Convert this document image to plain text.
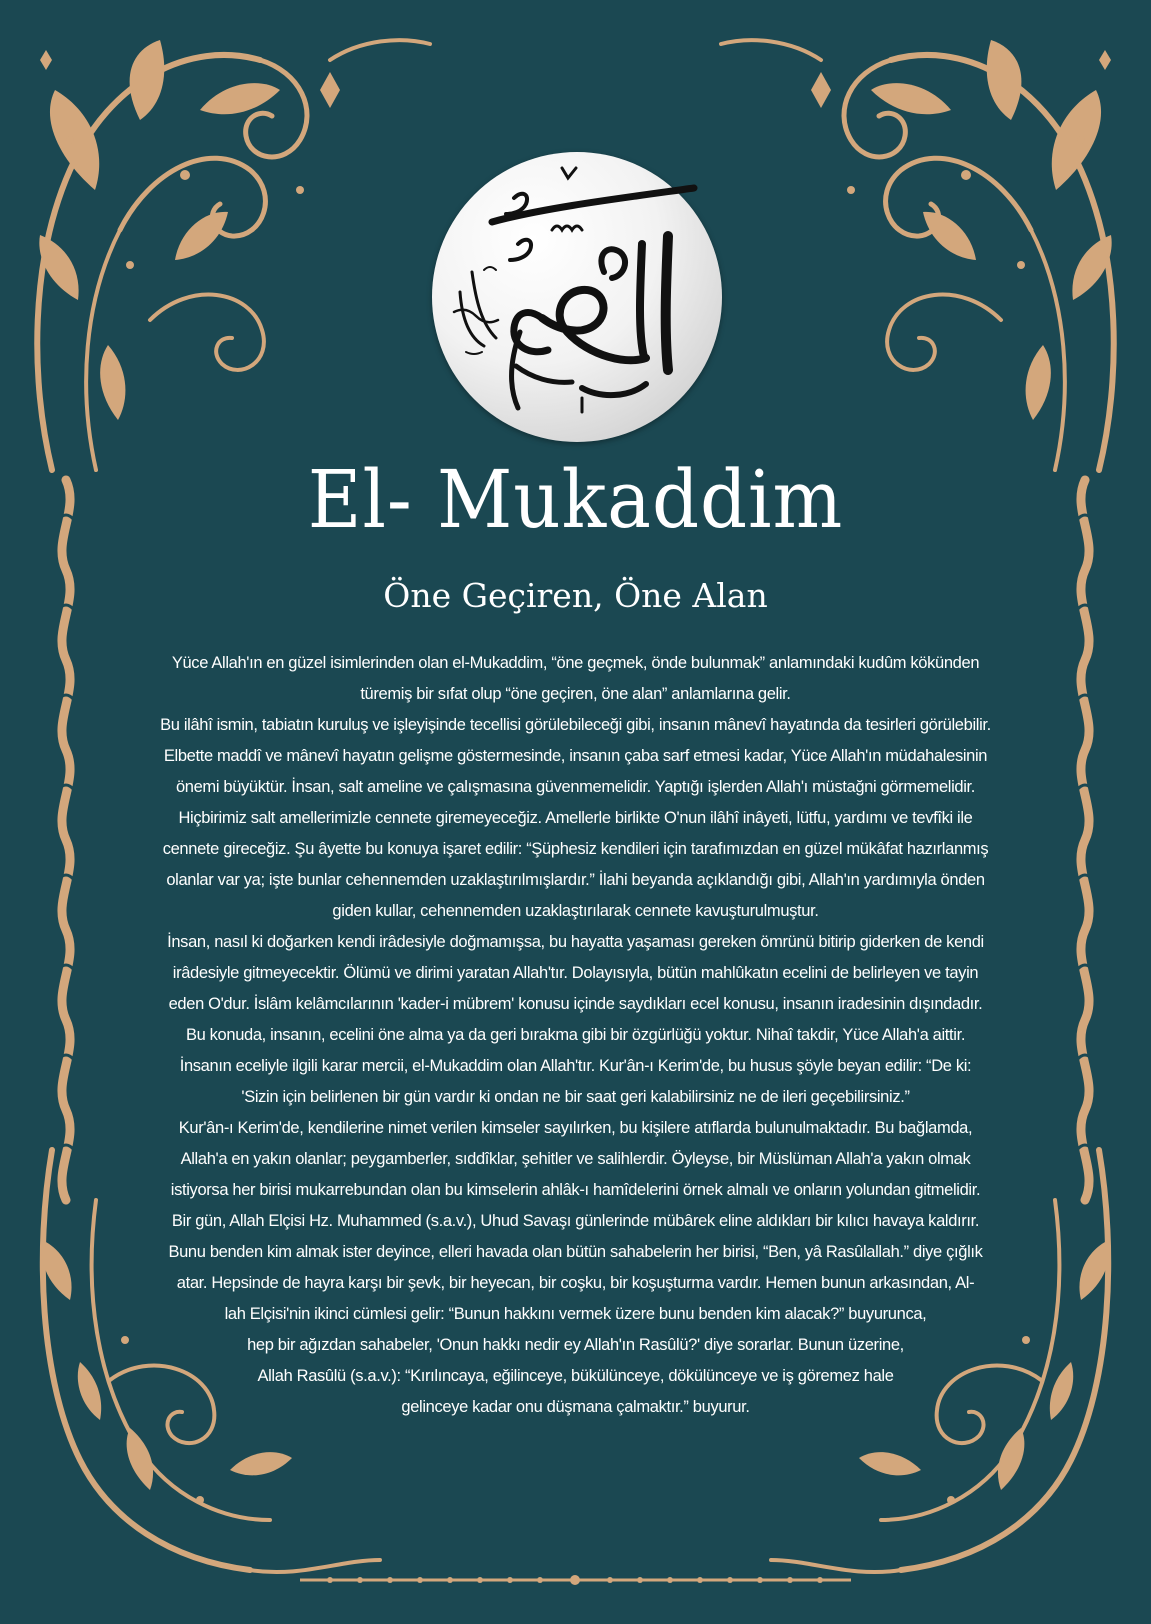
El- Mukaddim
Öne Geçiren, Öne Alan
Yüce Allah'ın en güzel isimlerinden olan el-Mukaddim, “öne geçmek, önde bulunmak” anlamındaki kudûm kökünden
türemiş bir sıfat olup “öne geçiren, öne alan” anlamlarına gelir.
Bu ilâhî ismin, tabiatın kuruluş ve işleyişinde tecellisi görülebileceği gibi, insanın mânevî hayatında da tesirleri görülebilir.
Elbette maddî ve mânevî hayatın gelişme göstermesinde, insanın çaba sarf etmesi kadar, Yüce Allah'ın müdahalesinin
önemi büyüktür. İnsan, salt ameline ve çalışmasına güvenmemelidir. Yaptığı işlerden Allah'ı müstağni görmemelidir.
Hiçbirimiz salt amellerimizle cennete giremeyeceğiz. Amellerle birlikte O'nun ilâhî inâyeti, lütfu, yardımı ve tevfîki ile
cennete gireceğiz. Şu âyette bu konuya işaret edilir: “Şüphesiz kendileri için tarafımızdan en güzel mükâfat hazırlanmış
olanlar var ya; işte bunlar cehennemden uzaklaştırılmışlardır.” İlahi beyanda açıklandığı gibi, Allah'ın yardımıyla önden
giden kullar, cehennemden uzaklaştırılarak cennete kavuşturulmuştur.
İnsan, nasıl ki doğarken kendi irâdesiyle doğmamışsa, bu hayatta yaşaması gereken ömrünü bitirip giderken de kendi
irâdesiyle gitmeyecektir. Ölümü ve dirimi yaratan Allah'tır. Dolayısıyla, bütün mahlûkatın ecelini de belirleyen ve tayin
eden O'dur. İslâm kelâmcılarının 'kader-i mübrem' konusu içinde saydıkları ecel konusu, insanın iradesinin dışındadır.
Bu konuda, insanın, ecelini öne alma ya da geri bırakma gibi bir özgürlüğü yoktur. Nihaî takdir, Yüce Allah'a aittir.
İnsanın eceliyle ilgili karar mercii, el-Mukaddim olan Allah'tır. Kur'ân-ı Kerim'de, bu husus şöyle beyan edilir: “De ki:
'Sizin için belirlenen bir gün vardır ki ondan ne bir saat geri kalabilirsiniz ne de ileri geçebilirsiniz.”
Kur'ân-ı Kerim'de, kendilerine nimet verilen kimseler sayılırken, bu kişilere atıflarda bulunulmaktadır. Bu bağlamda,
Allah'a en yakın olanlar; peygamberler, sıddîklar, şehitler ve salihlerdir. Öyleyse, bir Müslüman Allah'a yakın olmak
istiyorsa her birisi mukarrebundan olan bu kimselerin ahlâk-ı hamîdelerini örnek almalı ve onların yolundan gitmelidir.
Bir gün, Allah Elçisi Hz. Muhammed (s.a.v.), Uhud Savaşı günlerinde mübârek eline aldıkları bir kılıcı havaya kaldırır.
Bunu benden kim almak ister deyince, elleri havada olan bütün sahabelerin her birisi, “Ben, yâ Rasûlallah.” diye çığlık
atar. Hepsinde de hayra karşı bir şevk, bir heyecan, bir coşku, bir koşuşturma vardır. Hemen bunun arkasından, Al-
lah Elçisi'nin ikinci cümlesi gelir: “Bunun hakkını vermek üzere bunu benden kim alacak?” buyurunca,
hep bir ağızdan sahabeler, 'Onun hakkı nedir ey Allah'ın Rasûlü?' diye sorarlar. Bunun üzerine,
Allah Rasûlü (s.a.v.): “Kırılıncaya, eğilinceye, bükülünceye, dökülünceye ve iş göremez hale
gelinceye kadar onu düşmana çalmaktır.” buyurur.
